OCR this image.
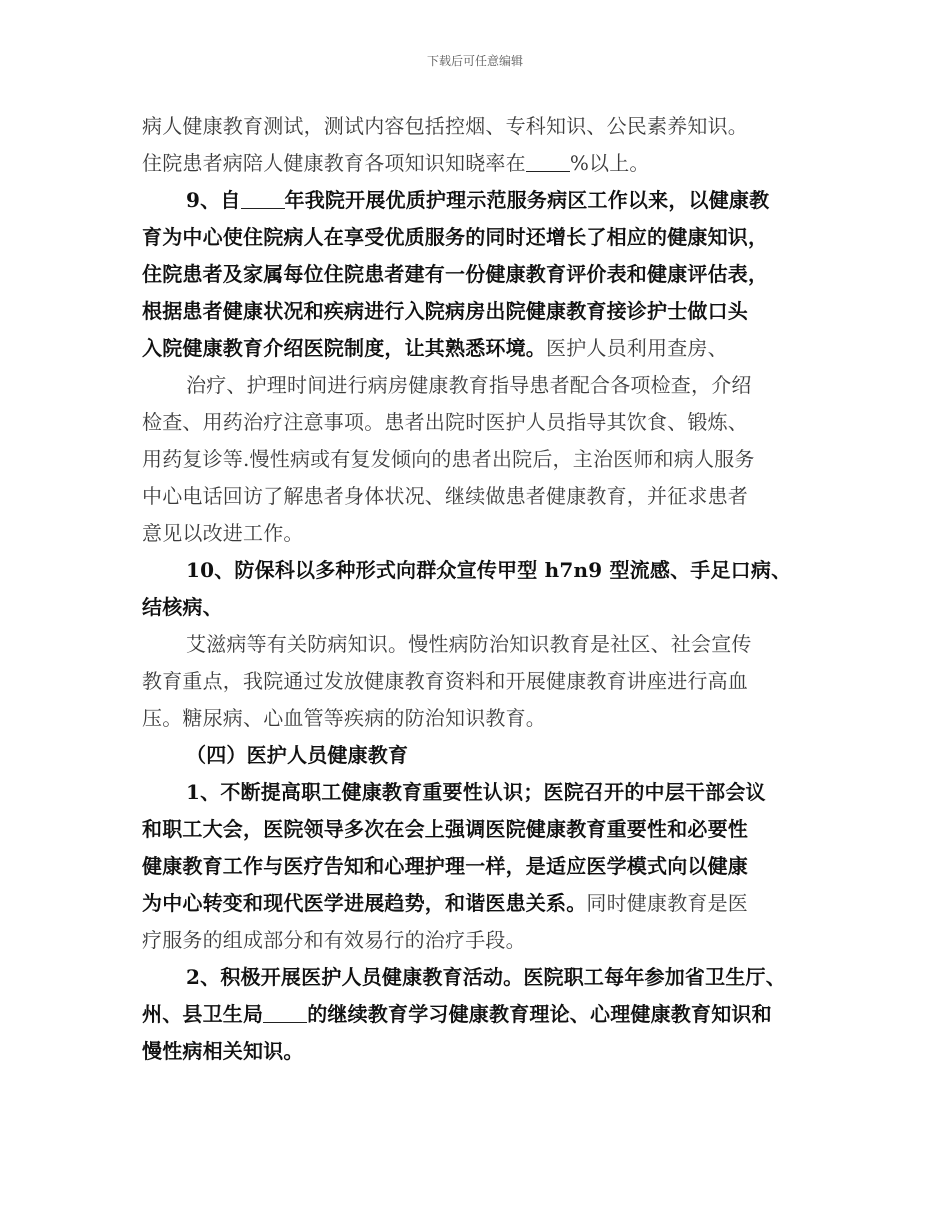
下载后可任意编辑
病人健康教育测试，测试内容包括控烟、专科知识、公民素养知识。
住院患者病陪人健康教育各项知识知晓率在 %以上。
9、自 年我院开展优质护理示范服务病区工作以来，以健康教
育为中心使住院病人在享受优质服务的同时还增长了相应的健康知识，
住院患者及家属每位住院患者建有一份健康教育评价表和健康评估表，
根据患者健康状况和疾病进行入院病房出院健康教育接诊护士做口头
入院健康教育介绍医院制度，让其熟悉环境。医护人员利用查房、
治疗、护理时间进行病房健康教育指导患者配合各项检查，介绍
检查、用药治疗注意事项。患者出院时医护人员指导其饮食、锻炼、
用药复诊等.慢性病或有复发倾向的患者出院后，主治医师和病人服务
中心电话回访了解患者身体状况、继续做患者健康教育，并征求患者
意见以改进工作。
10、防保科以多种形式向群众宣传甲型 h7n9 型流感、手足口病、
结核病、
艾滋病等有关防病知识。慢性病防治知识教育是社区、社会宣传
教育重点，我院通过发放健康教育资料和开展健康教育讲座进行高血
压。糖尿病、心血管等疾病的防治知识教育。
（四）医护人员健康教育
1、不断提高职工健康教育重要性认识；医院召开的中层干部会议
和职工大会，医院领导多次在会上强调医院健康教育重要性和必要性
健康教育工作与医疗告知和心理护理一样，是适应医学模式向以健康
为中心转变和现代医学进展趋势，和谐医患关系。同时健康教育是医
疗服务的组成部分和有效易行的治疗手段。
2、积极开展医护人员健康教育活动。医院职工每年参加省卫生厅、
州、县卫生局 的继续教育学习健康教育理论、心理健康教育知识和
慢性病相关知识。
